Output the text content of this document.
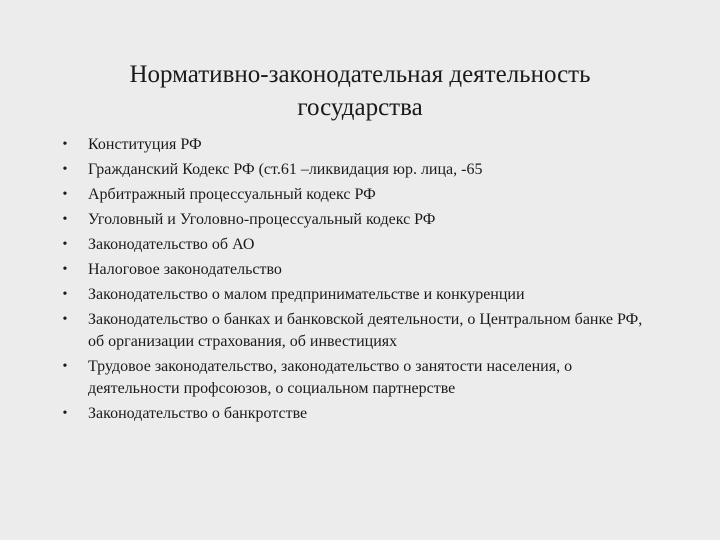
Нормативно-законодательная деятельность
государства
• Конституция РФ
• Гражданский Кодекс РФ (ст.61 –ликвидация юр. лица, -65
• Арбитражный процессуальный кодекс РФ
• Уголовный и Уголовно-процессуальный кодекс РФ
• Законодательство об АО
• Налоговое законодательство
• Законодательство о малом предпринимательстве и конкуренции
• Законодательство о банках и банковской деятельности, о Центральном банке РФ, об организации страхования, об инвестициях
• Трудовое законодательство, законодательство о занятости населения, о деятельности профсоюзов, о социальном партнерстве
• Законодательство о банкротстве
